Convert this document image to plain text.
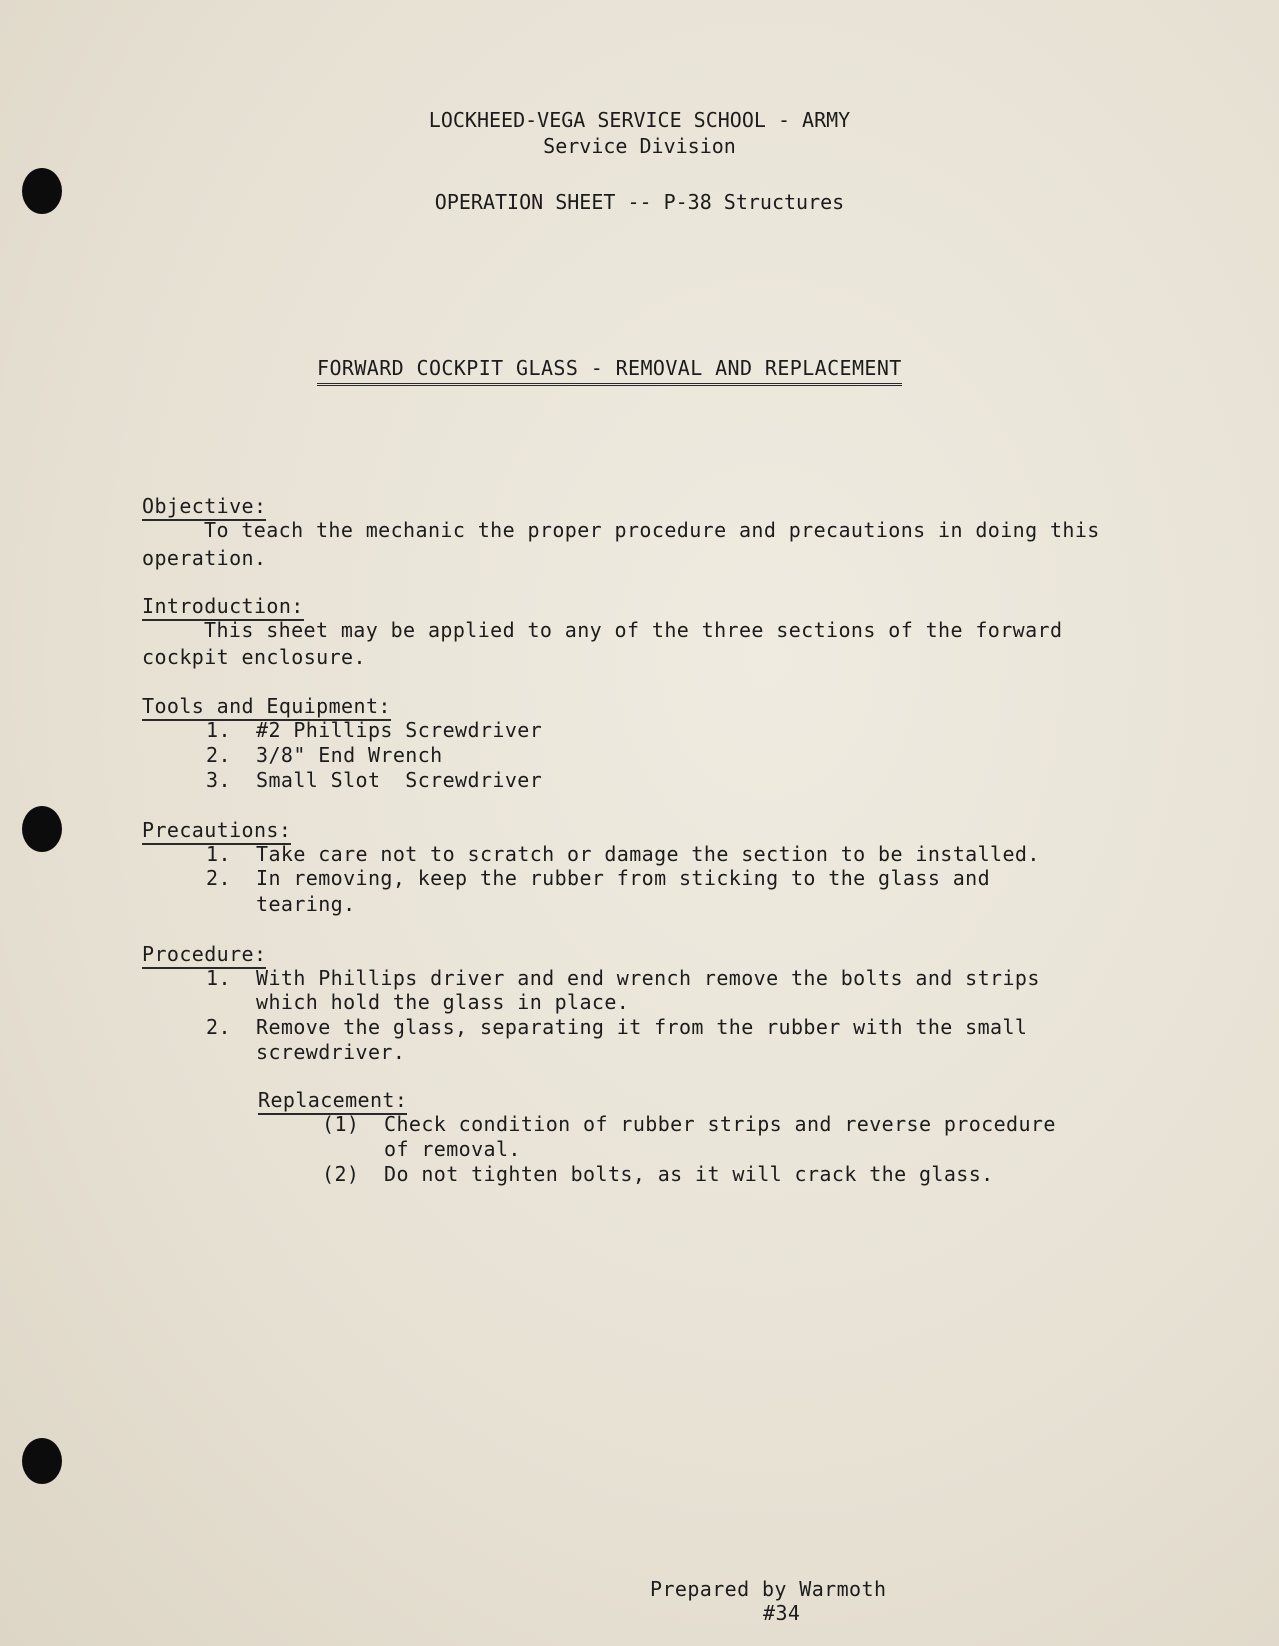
LOCKHEED-VEGA SERVICE SCHOOL - ARMY
Service Division
OPERATION SHEET -- P-38 Structures
FORWARD COCKPIT GLASS - REMOVAL AND REPLACEMENT
Objective:
To teach the mechanic the proper procedure and precautions in doing this
operation.
Introduction:
This sheet may be applied to any of the three sections of the forward
cockpit enclosure.
Tools and Equipment:
1. #2 Phillips Screwdriver
2. 3/8" End Wrench
3. Small Slot  Screwdriver
Precautions:
1. Take care not to scratch or damage the section to be installed.
2. In removing, keep the rubber from sticking to the glass and
tearing.
Procedure:
1. With Phillips driver and end wrench remove the bolts and strips
which hold the glass in place.
2. Remove the glass, separating it from the rubber with the small
screwdriver.
Replacement:
(1) Check condition of rubber strips and reverse procedure
of removal.
(2) Do not tighten bolts, as it will crack the glass.
Prepared by Warmoth
#34
